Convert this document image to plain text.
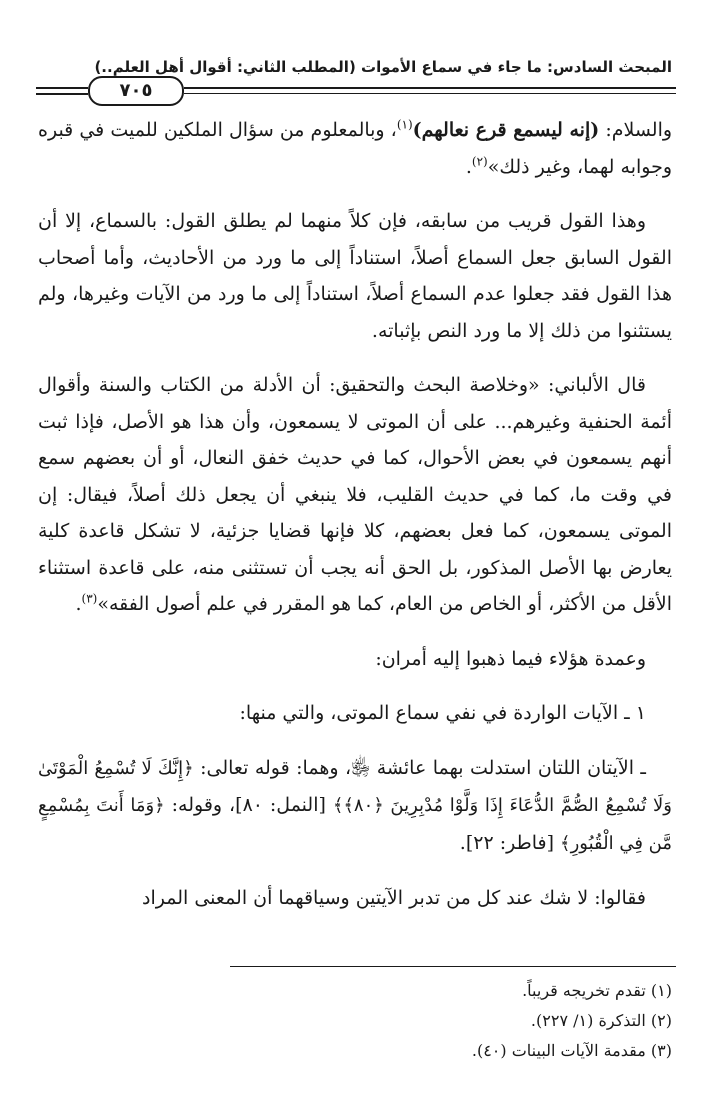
المبحث السادس: ما جاء في سماع الأموات (المطلب الثاني: أقوال أهل العلم..)
٧٠٥

والسلام: (إنه ليسمع قرع نعالهم)$^{(١)}$، وبالمعلوم من سؤال الملكين للميت في قبره وجوابه لهما، وغير ذلك»$^{(٢)}$.

وهذا القول قريب من سابقه، فإن كلاً منهما لم يطلق القول: بالسماع، إلا أن القول السابق جعل السماع أصلاً، استناداً إلى ما ورد من الأحاديث، وأما أصحاب هذا القول فقد جعلوا عدم السماع أصلاً، استناداً إلى ما ورد من الآيات وغيرها، ولم يستثنوا من ذلك إلا ما ورد النص بإثباته.

قال الألباني: «وخلاصة البحث والتحقيق: أن الأدلة من الكتاب والسنة وأقوال أئمة الحنفية وغيرهم... على أن الموتى لا يسمعون، وأن هذا هو الأصل، فإذا ثبت أنهم يسمعون في بعض الأحوال، كما في حديث خفق النعال، أو أن بعضهم سمع في وقت ما، كما في حديث القليب، فلا ينبغي أن يجعل ذلك أصلاً، فيقال: إن الموتى يسمعون، كما فعل بعضهم، كلا فإنها قضايا جزئية، لا تشكل قاعدة كلية يعارض بها الأصل المذكور، بل الحق أنه يجب أن تستثنى منه، على قاعدة استثناء الأقل من الأكثر، أو الخاص من العام، كما هو المقرر في علم أصول الفقه»$^{(٣)}$.

وعمدة هؤلاء فيما ذهبوا إليه أمران:

١ ـ الآيات الواردة في نفي سماع الموتى، والتي منها:

ـ الآيتان اللتان استدلت بهما عائشة ﵂، وهما: قوله تعالى: ﴿إِنَّكَ لَا تُسْمِعُ الْمَوْتَىٰ وَلَا تُسْمِعُ الصُّمَّ الدُّعَاءَ إِذَا وَلَّوْا مُدْبِرِينَ ﴿٨٠﴾﴾ [النمل: ٨٠]، وقوله: ﴿وَمَا أَنتَ بِمُسْمِعٍ مَّن فِي الْقُبُورِ﴾ [فاطر: ٢٢].

فقالوا: لا شك عند كل من تدبر الآيتين وسياقهما أن المعنى المراد

(١) تقدم تخريجه قريباً.

(٢) التذكرة (١/ ٢٢٧).

(٣) مقدمة الآيات البينات (٤٠).
